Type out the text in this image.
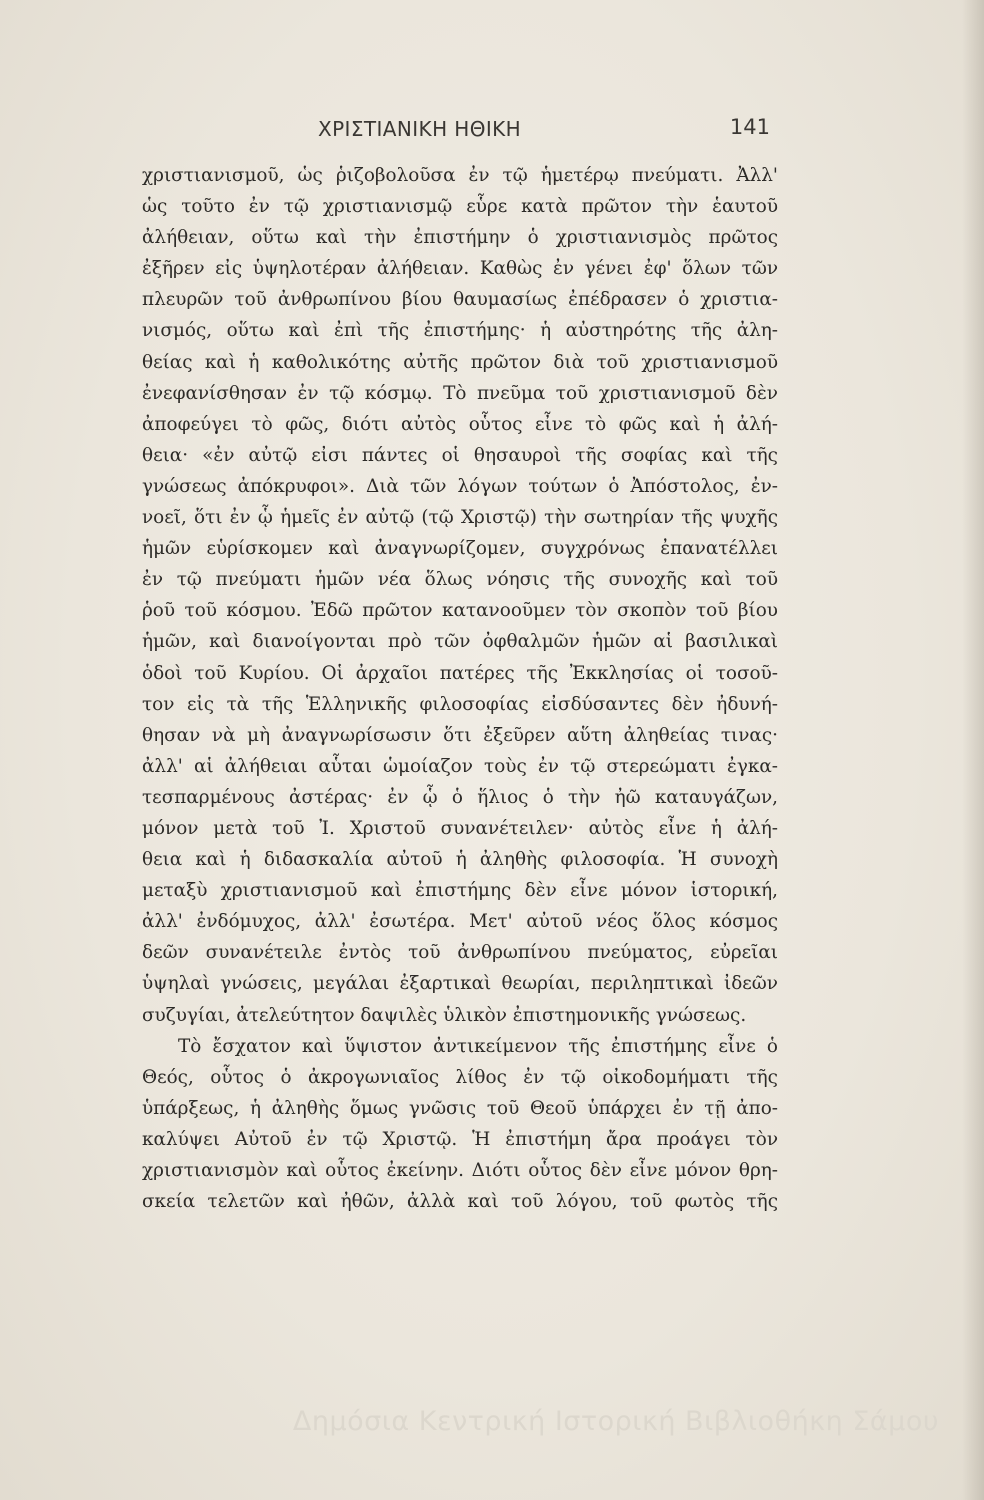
ΧΡΙΣΤΙΑΝΙΚΗ ΗΘΙΚΗ	141
χριστιανισμοῦ, ὡς ῥιζοβολοῦσα ἐν τῷ ἡμετέρῳ πνεύματι. Ἀλλ'
ὡς τοῦτο ἐν τῷ χριστιανισμῷ εὗρε κατὰ πρῶτον τὴν ἑαυτοῦ
ἀλήθειαν, οὕτω καὶ τὴν ἐπιστήμην ὁ χριστιανισμὸς πρῶτος
ἐξῆρεν εἰς ὑψηλοτέραν ἀλήθειαν. Καθὼς ἐν γένει ἐφ' ὅλων τῶν
πλευρῶν τοῦ ἀνθρωπίνου βίου θαυμασίως ἐπέδρασεν ὁ χριστια-
νισμός, οὕτω καὶ ἐπὶ τῆς ἐπιστήμης· ἡ αὐστηρότης τῆς ἀλη-
θείας καὶ ἡ καθολικότης αὐτῆς πρῶτον διὰ τοῦ χριστιανισμοῦ
ἐνεφανίσθησαν ἐν τῷ κόσμῳ. Τὸ πνεῦμα τοῦ χριστιανισμοῦ δὲν
ἀποφεύγει τὸ φῶς, διότι αὐτὸς οὗτος εἶνε τὸ φῶς καὶ ἡ ἀλή-
θεια· «ἐν αὐτῷ εἰσι πάντες οἱ θησαυροὶ τῆς σοφίας καὶ τῆς
γνώσεως ἀπόκρυφοι». Διὰ τῶν λόγων τούτων ὁ Ἀπόστολος, ἐν-
νοεῖ, ὅτι ἐν ᾧ ἡμεῖς ἐν αὐτῷ (τῷ Χριστῷ) τὴν σωτηρίαν τῆς ψυχῆς
ἡμῶν εὑρίσκομεν καὶ ἀναγνωρίζομεν, συγχρόνως ἐπανατέλλει
ἐν τῷ πνεύματι ἡμῶν νέα ὅλως νόησις τῆς συνοχῆς καὶ τοῦ
ῥοῦ τοῦ κόσμου. Ἐδῶ πρῶτον κατανοοῦμεν τὸν σκοπὸν τοῦ βίου
ἡμῶν, καὶ διανοίγονται πρὸ τῶν ὀφθαλμῶν ἡμῶν αἱ βασιλικαὶ
ὁδοὶ τοῦ Κυρίου. Οἱ ἀρχαῖοι πατέρες τῆς Ἐκκλησίας οἱ τοσοῦ-
τον εἰς τὰ τῆς Ἑλληνικῆς φιλοσοφίας εἰσδύσαντες δὲν ἠδυνή-
θησαν νὰ μὴ ἀναγνωρίσωσιν ὅτι ἐξεῦρεν αὕτη ἀληθείας τινας·
ἀλλ' αἱ ἀλήθειαι αὗται ὡμοίαζον τοὺς ἐν τῷ στερεώματι ἐγκα-
τεσπαρμένους ἀστέρας· ἐν ᾧ ὁ ἥλιος ὁ τὴν ἠῶ καταυγάζων,
μόνον μετὰ τοῦ Ἰ. Χριστοῦ συνανέτειλεν· αὐτὸς εἶνε ἡ ἀλή-
θεια καὶ ἡ διδασκαλία αὐτοῦ ἡ ἀληθὴς φιλοσοφία. Ἡ συνοχὴ
μεταξὺ χριστιανισμοῦ καὶ ἐπιστήμης δὲν εἶνε μόνον ἱστορική,
ἀλλ' ἐνδόμυχος, ἀλλ' ἐσωτέρα. Μετ' αὐτοῦ νέος ὅλος κόσμος
δεῶν συνανέτειλε ἐντὸς τοῦ ἀνθρωπίνου πνεύματος, εὐρεῖαι
ὑψηλαὶ γνώσεις, μεγάλαι ἐξαρτικαὶ θεωρίαι, περιληπτικαὶ ἰδεῶν
συζυγίαι, ἀτελεύτητον δαψιλὲς ὑλικὸν ἐπιστημονικῆς γνώσεως.
Τὸ ἔσχατον καὶ ὕψιστον ἀντικείμενον τῆς ἐπιστήμης εἶνε ὁ
Θεός, οὗτος ὁ ἀκρογωνιαῖος λίθος ἐν τῷ οἰκοδομήματι τῆς
ὑπάρξεως, ἡ ἀληθὴς ὅμως γνῶσις τοῦ Θεοῦ ὑπάρχει ἐν τῇ ἀπο-
καλύψει Αὐτοῦ ἐν τῷ Χριστῷ. Ἡ ἐπιστήμη ἄρα προάγει τὸν
χριστιανισμὸν καὶ οὗτος ἐκείνην. Διότι οὗτος δὲν εἶνε μόνον θρη-
σκεία τελετῶν καὶ ἠθῶν, ἀλλὰ καὶ τοῦ λόγου, τοῦ φωτὸς τῆς
Δημόσια Κεντρική Ιστορική Βιβλιοθήκη Σάμου
